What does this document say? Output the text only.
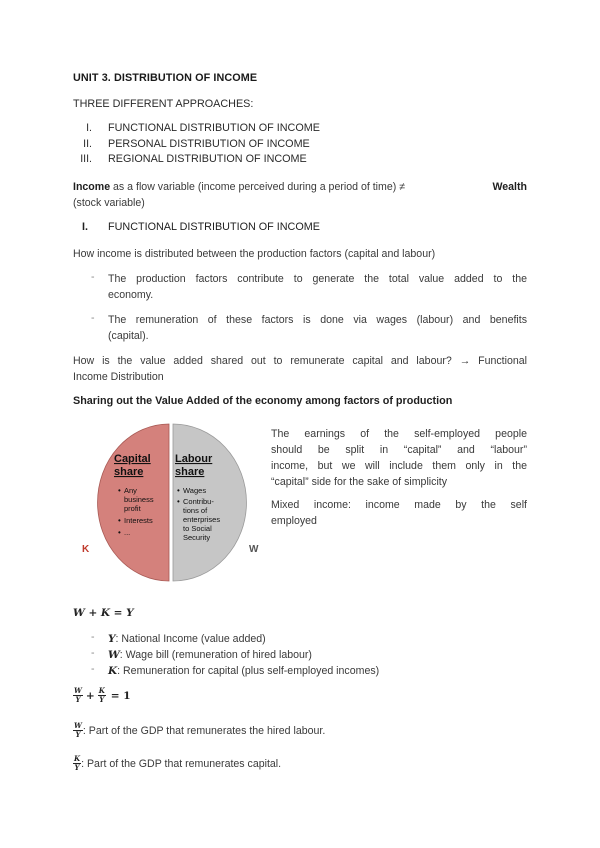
UNIT 3. DISTRIBUTION OF INCOME
THREE DIFFERENT APPROACHES:
I. FUNCTIONAL DISTRIBUTION OF INCOME
II. PERSONAL DISTRIBUTION OF INCOME
III. REGIONAL DISTRIBUTION OF INCOME
Income as a flow variable (income perceived during a period of time) ≠	Wealth
(stock variable)
I. FUNCTIONAL DISTRIBUTION OF INCOME
How income is distributed between the production factors (capital and labour)
- The production factors contribute to generate the total value added to the
economy.
- The remuneration of these factors is done via wages (labour) and benefits
(capital).
How is the value added shared out to remunerate capital and labour? → Functional
Income Distribution
Sharing out the Value Added of the economy among factors of production
Capital
share
• Any
business
profit
• Interests
• ...
Labour
share
• Wages
• Contribu-
tions of
enterprises
to Social
Security
K	W
The earnings of the self-employed people
should be split in “capital” and “labour”
income, but we will include them only in the
“capital” side for the sake of simplicity
Mixed income: income made by the self
employed
W + K = Y
- Y: National Income (value added)
- W: Wage bill (remuneration of hired labour)
- K: Remuneration for capital (plus self-employed incomes)
$\frac{W}{Y} + \frac{K}{Y} = 1$
$\frac{W}{Y}$ : Part of the GDP that remunerates the hired labour.
$\frac{K}{Y}$ : Part of the GDP that remunerates capital.
